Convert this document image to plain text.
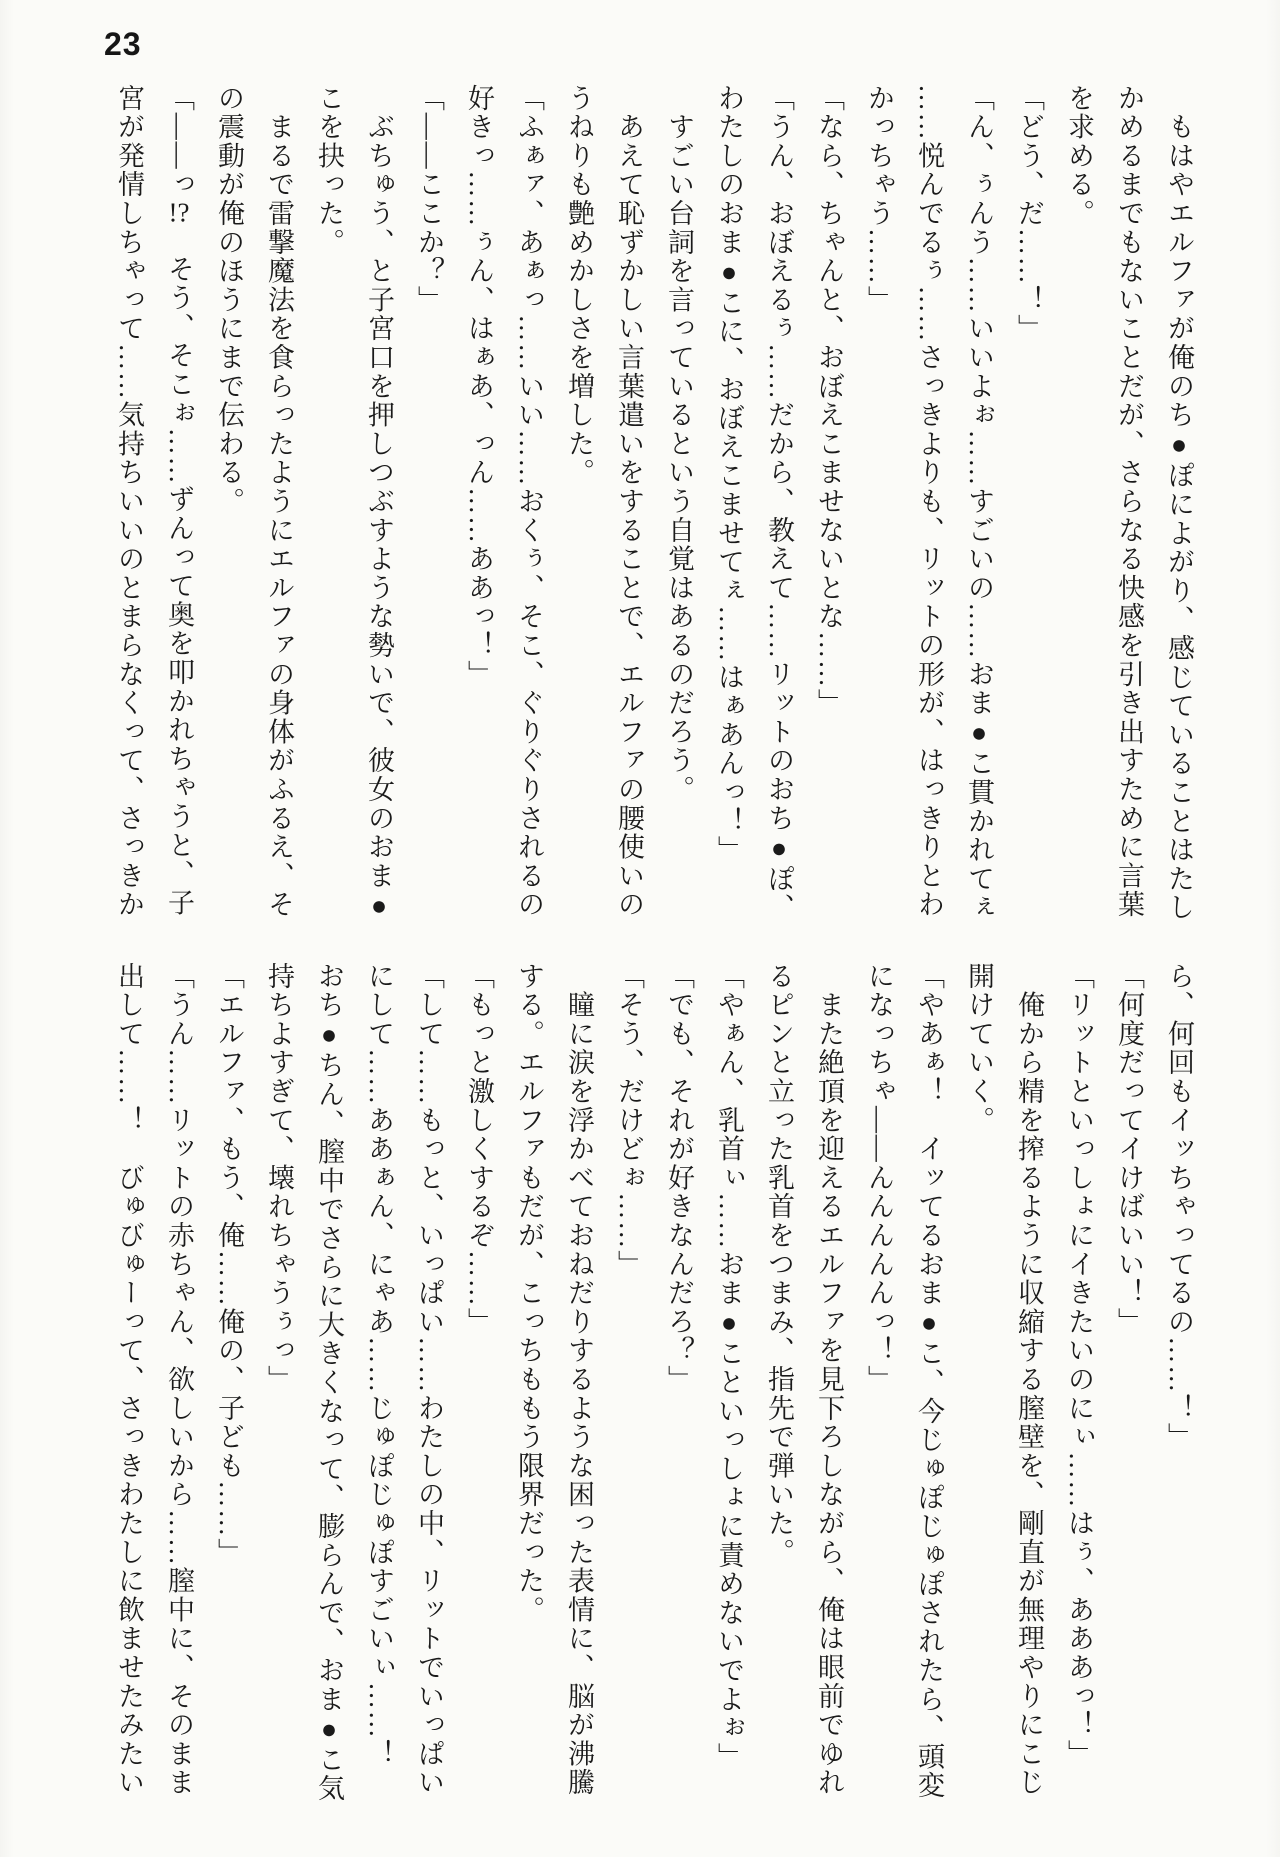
23

　もはやエルファが俺のち●ぽによがり、感じていることはたし

かめるまでもないことだが、さらなる快感を引き出すために言葉

を求める。

「どう、だ……！」

「ん、ぅんう……いいよぉ……すごいの……おま●こ貫かれてぇ

……悦んでるぅ……さっきよりも、リットの形が、はっきりとわ

かっちゃう……」

「なら、ちゃんと、おぼえこませないとな……」

「うん、おぼえるぅ……だから、教えて……リットのおち●ぽ、

わたしのおま●こに、おぼえこませてぇ……はぁあんっ！」

　すごい台詞を言っているという自覚はあるのだろう。

　あえて恥ずかしい言葉遣いをすることで、エルファの腰使いの

うねりも艶めかしさを増した。

「ふぁァ、あぁっ……いい……おくぅ、そこ、ぐりぐりされるの

好きっ……ぅん、はぁあ、っん……ああっ！」

「――ここか？」

　ぶちゅう、と子宮口を押しつぶすような勢いで、彼女のおま●

こを抉った。

　まるで雷撃魔法を食らったようにエルファの身体がふるえ、そ

の震動が俺のほうにまで伝わる。

「――っ!?　そう、そこぉ……ずんって奥を叩かれちゃうと、子

宮が発情しちゃって……気持ちいいのとまらなくって、さっきか

ら、何回もイッちゃってるの……！」

「何度だってイけばいい！」

「リットといっしょにイきたいのにぃ……はぅ、あああっ！」

　俺から精を搾るように収縮する膣壁を、剛直が無理やりにこじ

開けていく。

「やあぁ！　イッてるおま●こ、今じゅぽじゅぽされたら、頭変

になっちゃ――んんんんんっ！」

　また絶頂を迎えるエルファを見下ろしながら、俺は眼前でゆれ

るピンと立った乳首をつまみ、指先で弾いた。

「やぁん、乳首ぃ……おま●こといっしょに責めないでよぉ」

「でも、それが好きなんだろ？」

「そう、だけどぉ……」

　瞳に涙を浮かべておねだりするような困った表情に、脳が沸騰

する。エルファもだが、こっちももう限界だった。

「もっと激しくするぞ……」

「して……もっと、いっぱい……わたしの中、リットでいっぱい

にして……ああぁん、にゃあ……じゅぽじゅぽすごいぃ……！

おち●ちん、膣中でさらに大きくなって、膨らんで、おま●こ気

持ちよすぎて、壊れちゃうぅっ」

「エルファ、もう、俺……俺の、子ども……」

「うん……リットの赤ちゃん、欲しいから……膣中に、そのまま

出して……！　びゅびゅーって、さっきわたしに飲ませたみたい
